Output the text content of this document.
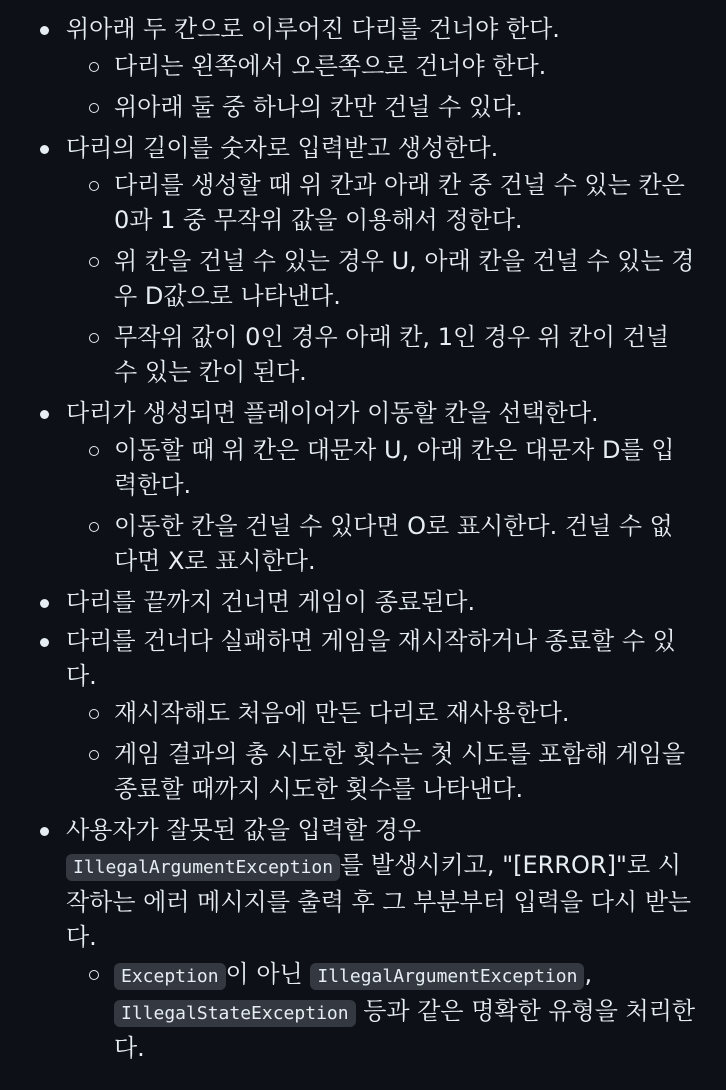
위아래 두 칸으로 이루어진 다리를 건너야 한다.
다리는 왼쪽에서 오른쪽으로 건너야 한다.
위아래 둘 중 하나의 칸만 건널 수 있다.
다리의 길이를 숫자로 입력받고 생성한다.
다리를 생성할 때 위 칸과 아래 칸 중 건널 수 있는 칸은 0과 1 중 무작위 값을 이용해서 정한다.
위 칸을 건널 수 있는 경우 U, 아래 칸을 건널 수 있는 경우 D값으로 나타낸다.
무작위 값이 0인 경우 아래 칸, 1인 경우 위 칸이 건널 수 있는 칸이 된다.
다리가 생성되면 플레이어가 이동할 칸을 선택한다.
이동할 때 위 칸은 대문자 U, 아래 칸은 대문자 D를 입력한다.
이동한 칸을 건널 수 있다면 O로 표시한다. 건널 수 없다면 X로 표시한다.
다리를 끝까지 건너면 게임이 종료된다.
다리를 건너다 실패하면 게임을 재시작하거나 종료할 수 있다.
재시작해도 처음에 만든 다리로 재사용한다.
게임 결과의 총 시도한 횟수는 첫 시도를 포함해 게임을 종료할 때까지 시도한 횟수를 나타낸다.
사용자가 잘못된 값을 입력할 경우 IllegalArgumentException 를 발생시키고, "[ERROR]"로 시작하는 에러 메시지를 출력 후 그 부분부터 입력을 다시 받는다.
Exception 이 아닌 IllegalArgumentException , IllegalStateException 등과 같은 명확한 유형을 처리한다.
